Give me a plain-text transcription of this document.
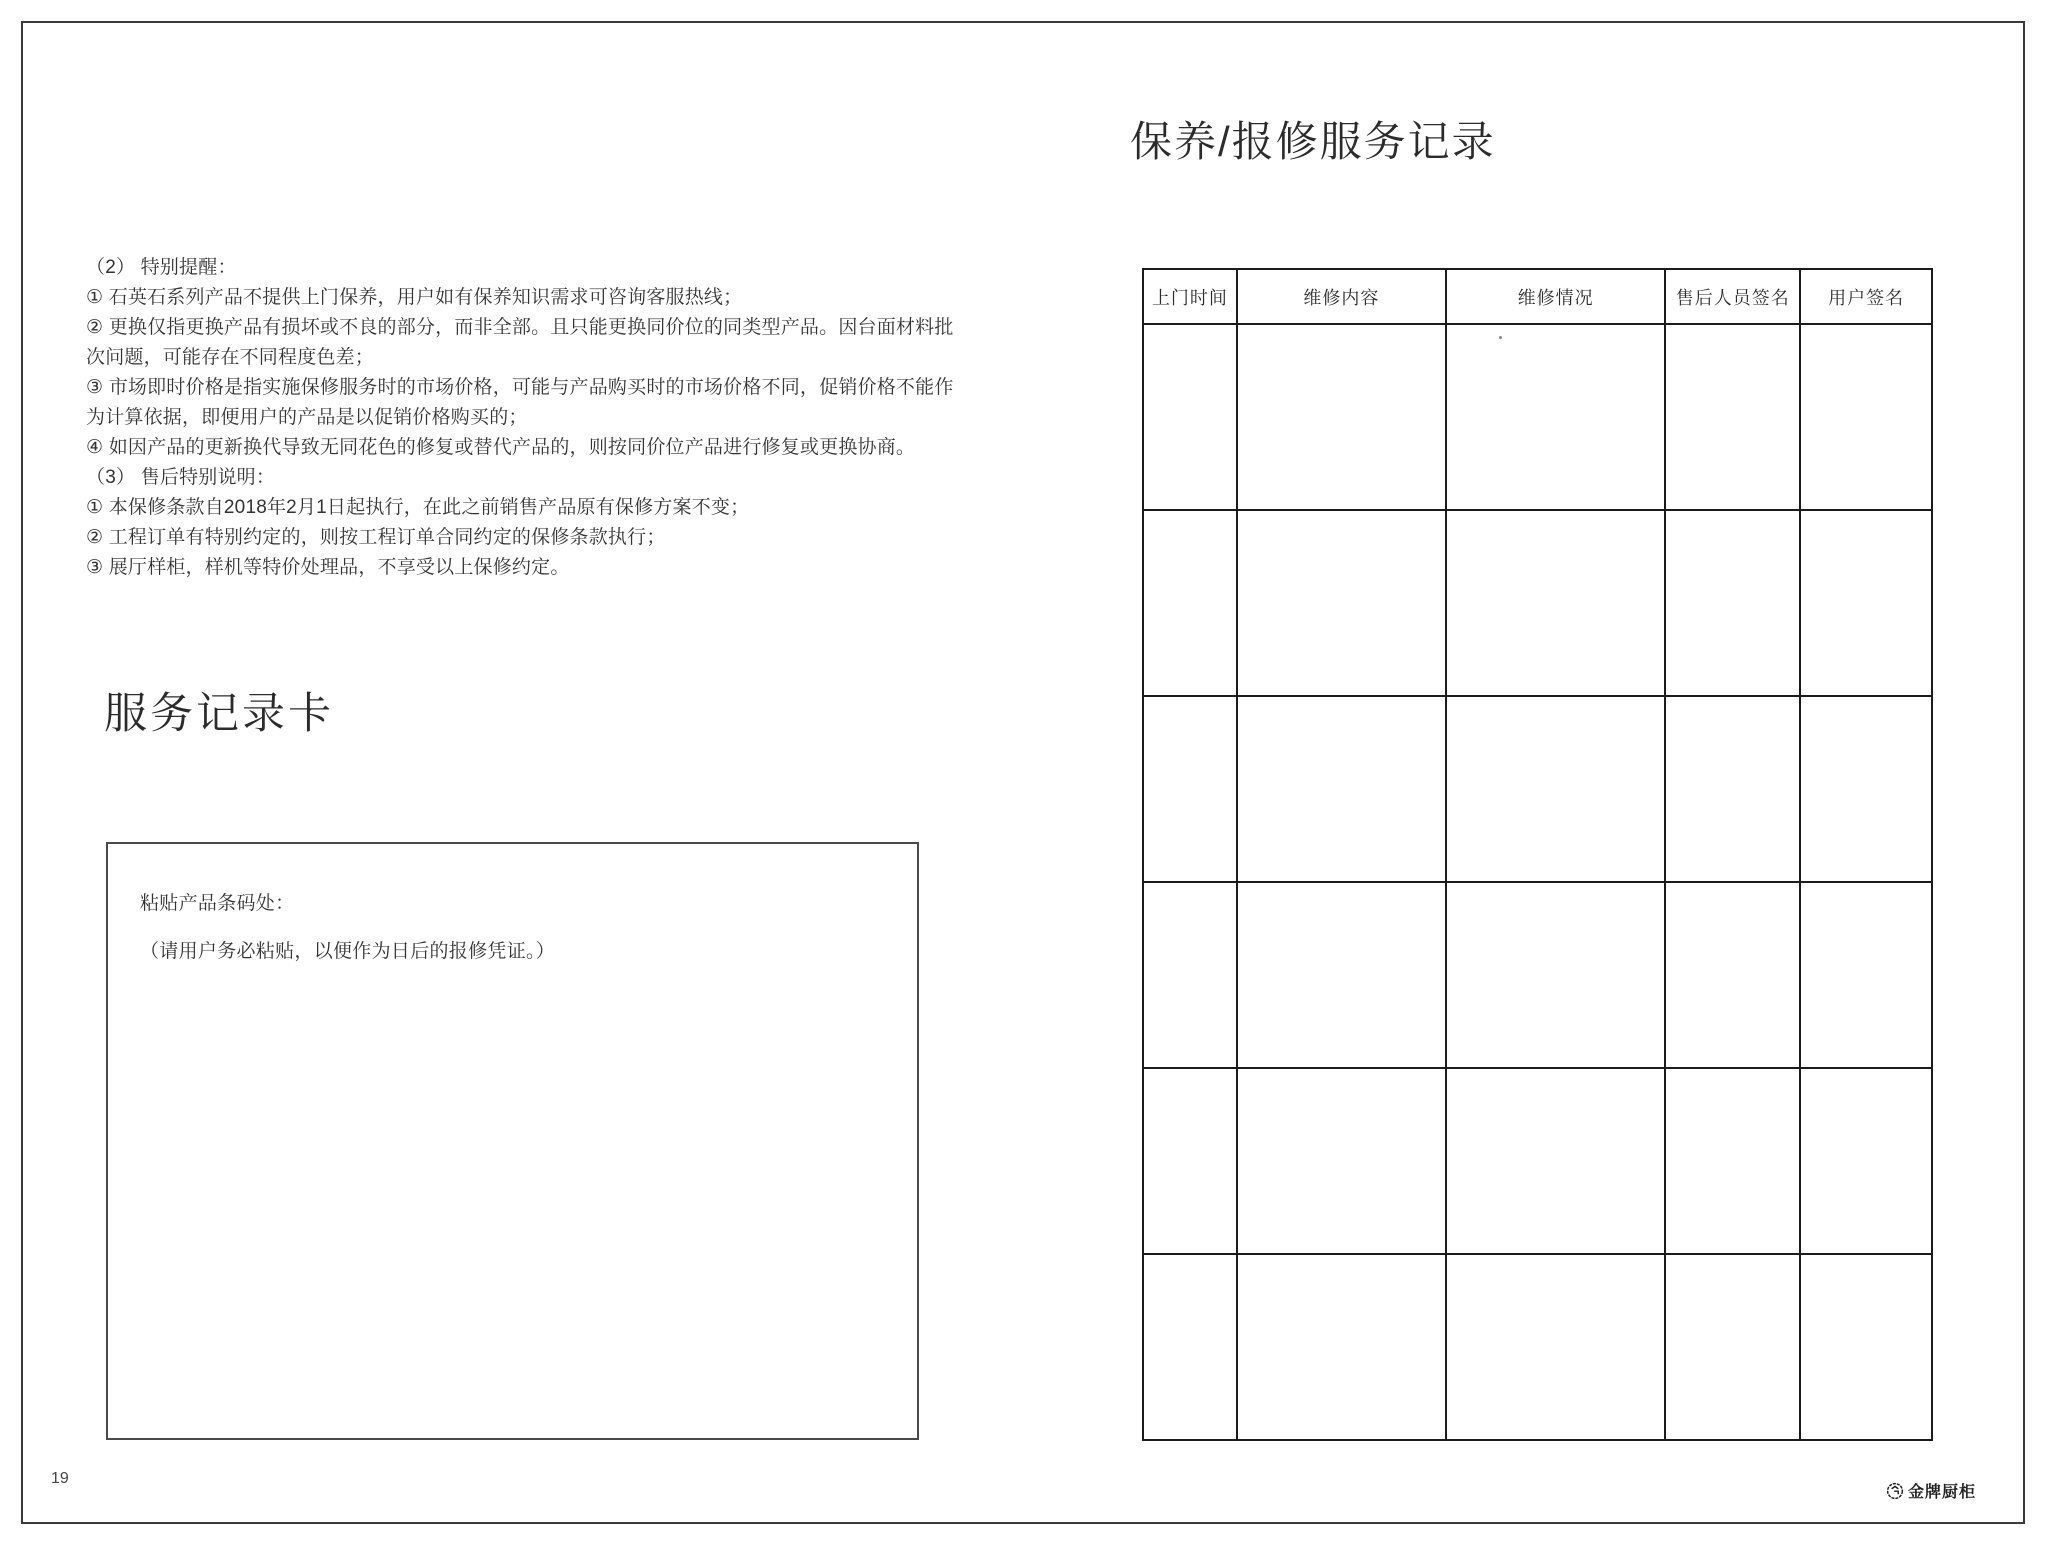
（2） 特别提醒：
① 石英石系列产品不提供上门保养，用户如有保养知识需求可咨询客服热线；
② 更换仅指更换产品有损坏或不良的部分，而非全部。且只能更换同价位的同类型产品。因台面材料批
次问题，可能存在不同程度色差；
③ 市场即时价格是指实施保修服务时的市场价格，可能与产品购买时的市场价格不同，促销价格不能作
为计算依据，即便用户的产品是以促销价格购买的；
④ 如因产品的更新换代导致无同花色的修复或替代产品的，则按同价位产品进行修复或更换协商。
（3） 售后特别说明：
① 本保修条款自2018年2月1日起执行，在此之前销售产品原有保修方案不变；
② 工程订单有特别约定的，则按工程订单合同约定的保修条款执行；
③ 展厅样柜，样机等特价处理品，不享受以上保修约定。
服务记录卡
粘贴产品条码处：
（请用户务必粘贴，以便作为日后的报修凭证。）
19
保养/报修服务记录
上门时间	维修内容	维修情况	售后人员签名	用户签名

金牌厨柜
